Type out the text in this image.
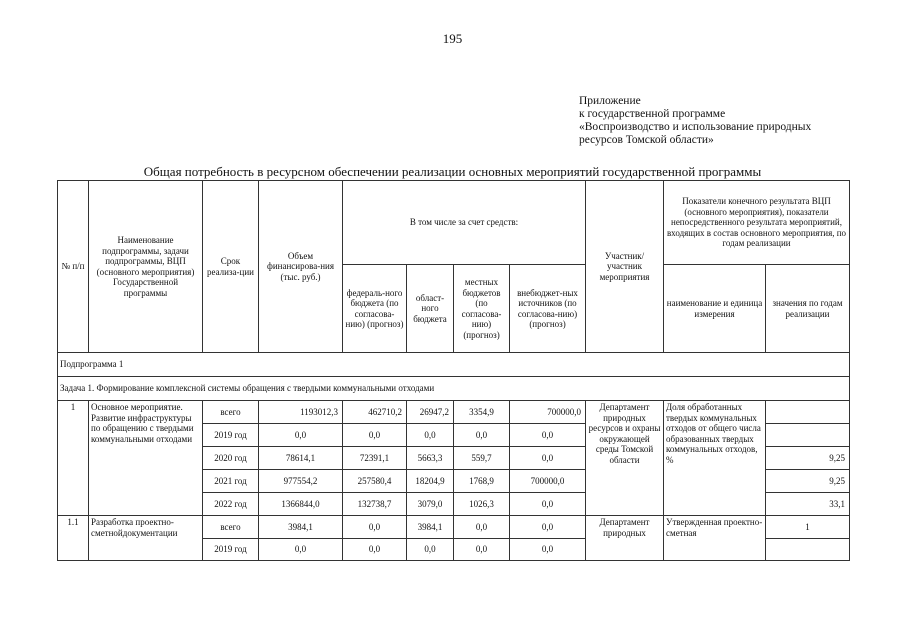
195
Приложение
к государственной программе
«Воспроизводство и использование природных
ресурсов Томской области»
Общая потребность в ресурсном обеспечении реализации основных мероприятий государственной программы
№ п/п	Наименование подпрограммы, задачи подпрограммы, ВЦП (основного мероприятия) Государственной программы	Срок реализа-ции	Объем финансирова-ния (тыс. руб.)	В том числе за счет средств:				Участник/ участник мероприятия	Показатели конечного результата ВЦП (основного мероприятия), показатели непосредственного результата мероприятий, входящих в состав основного мероприятия, по годам реализации	
				федераль-ного бюджета (по согласова-нию) (прогноз)	област-ного бюджета	местных бюджетов (по согласова-нию) (прогноз)	внебюджет-ных источников (по согласова-нию) (прогноз)		наименование и единица измерения	значения по годам реализации
Подпрограмма 1										
Задача 1. Формирование комплексной системы обращения с твердыми коммунальными отходами										
1	Основное мероприятие. Развитие инфраструктуры по обращению с твердыми коммунальными отходами	всего	1193012,3	462710,2	26947,2	3354,9	700000,0	Департамент природных ресурсов и охраны окружающей среды Томской области	Доля обработанных твердых коммунальных отходов от общего числа образованных твердых коммунальных отходов, %	
		2019 год	0,0	0,0	0,0	0,0	0,0			
		2020 год	78614,1	72391,1	5663,3	559,7	0,0			9,25
		2021 год	977554,2	257580,4	18204,9	1768,9	700000,0			9,25
		2022 год	1366844,0	132738,7	3079,0	1026,3	0,0			33,1
1.1	Разработка проектно-сметнойдокументации	всего	3984,1	0,0	3984,1	0,0	0,0	Департамент природных	Утвержденная проектно-сметная	1
		2019 год	0,0	0,0	0,0	0,0	0,0			
